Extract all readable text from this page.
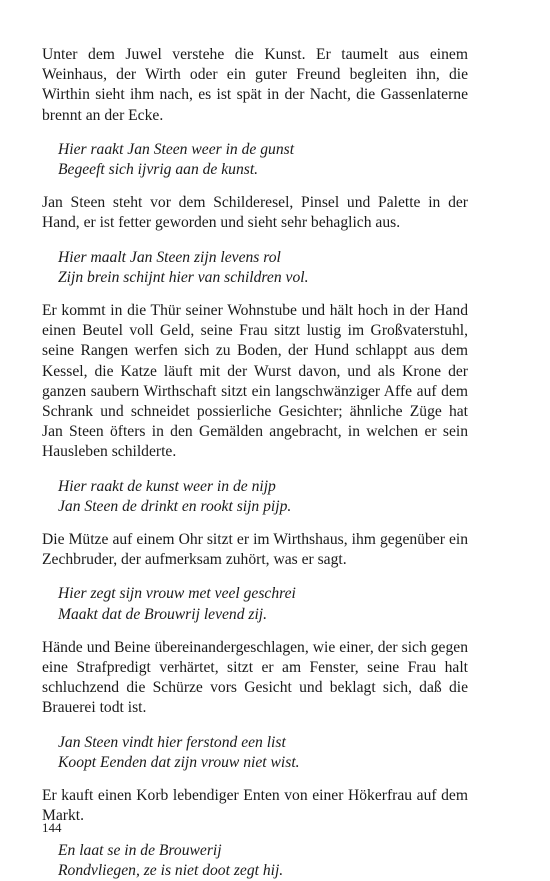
Unter dem Juwel verstehe die Kunst. Er taumelt aus einem Weinhaus, der Wirth oder ein guter Freund begleiten ihn, die Wirthin sieht ihm nach, es ist spät in der Nacht, die Gassenlaterne brennt an der Ecke.

Hier raakt Jan Steen weer in de gunst
Begeeft sich ijvrig aan de kunst.

Jan Steen steht vor dem Schilderesel, Pinsel und Palette in der Hand, er ist fetter geworden und sieht sehr behaglich aus.

Hier maalt Jan Steen zijn levens rol
Zijn brein schijnt hier van schildren vol.

Er kommt in die Thür seiner Wohnstube und hält hoch in der Hand einen Beutel voll Geld, seine Frau sitzt lustig im Großvaterstuhl, seine Rangen werfen sich zu Boden, der Hund schlappt aus dem Kessel, die Katze läuft mit der Wurst davon, und als Krone der ganzen saubern Wirthschaft sitzt ein langschwänziger Affe auf dem Schrank und schneidet possierliche Gesichter; ähnliche Züge hat Jan Steen öfters in den Gemälden angebracht, in welchen er sein Hausleben schilderte.

Hier raakt de kunst weer in de nijp
Jan Steen de drinkt en rookt sijn pijp.

Die Mütze auf einem Ohr sitzt er im Wirthshaus, ihm gegenüber ein Zechbruder, der aufmerksam zuhört, was er sagt.

Hier zegt sijn vrouw met veel geschrei
Maakt dat de Brouwrij levend zij.

Hände und Beine übereinandergeschlagen, wie einer, der sich gegen eine Strafpredigt verhärtet, sitzt er am Fenster, seine Frau halt schluchzend die Schürze vors Gesicht und beklagt sich, daß die Brauerei todt ist.

Jan Steen vindt hier ferstond een list
Koopt Eenden dat zijn vrouw niet wist.

Er kauft einen Korb lebendiger Enten von einer Hökerfrau auf dem Markt.

En laat se in de Brouwerij
Rondvliegen, ze is niet doot zegt hij.
144
